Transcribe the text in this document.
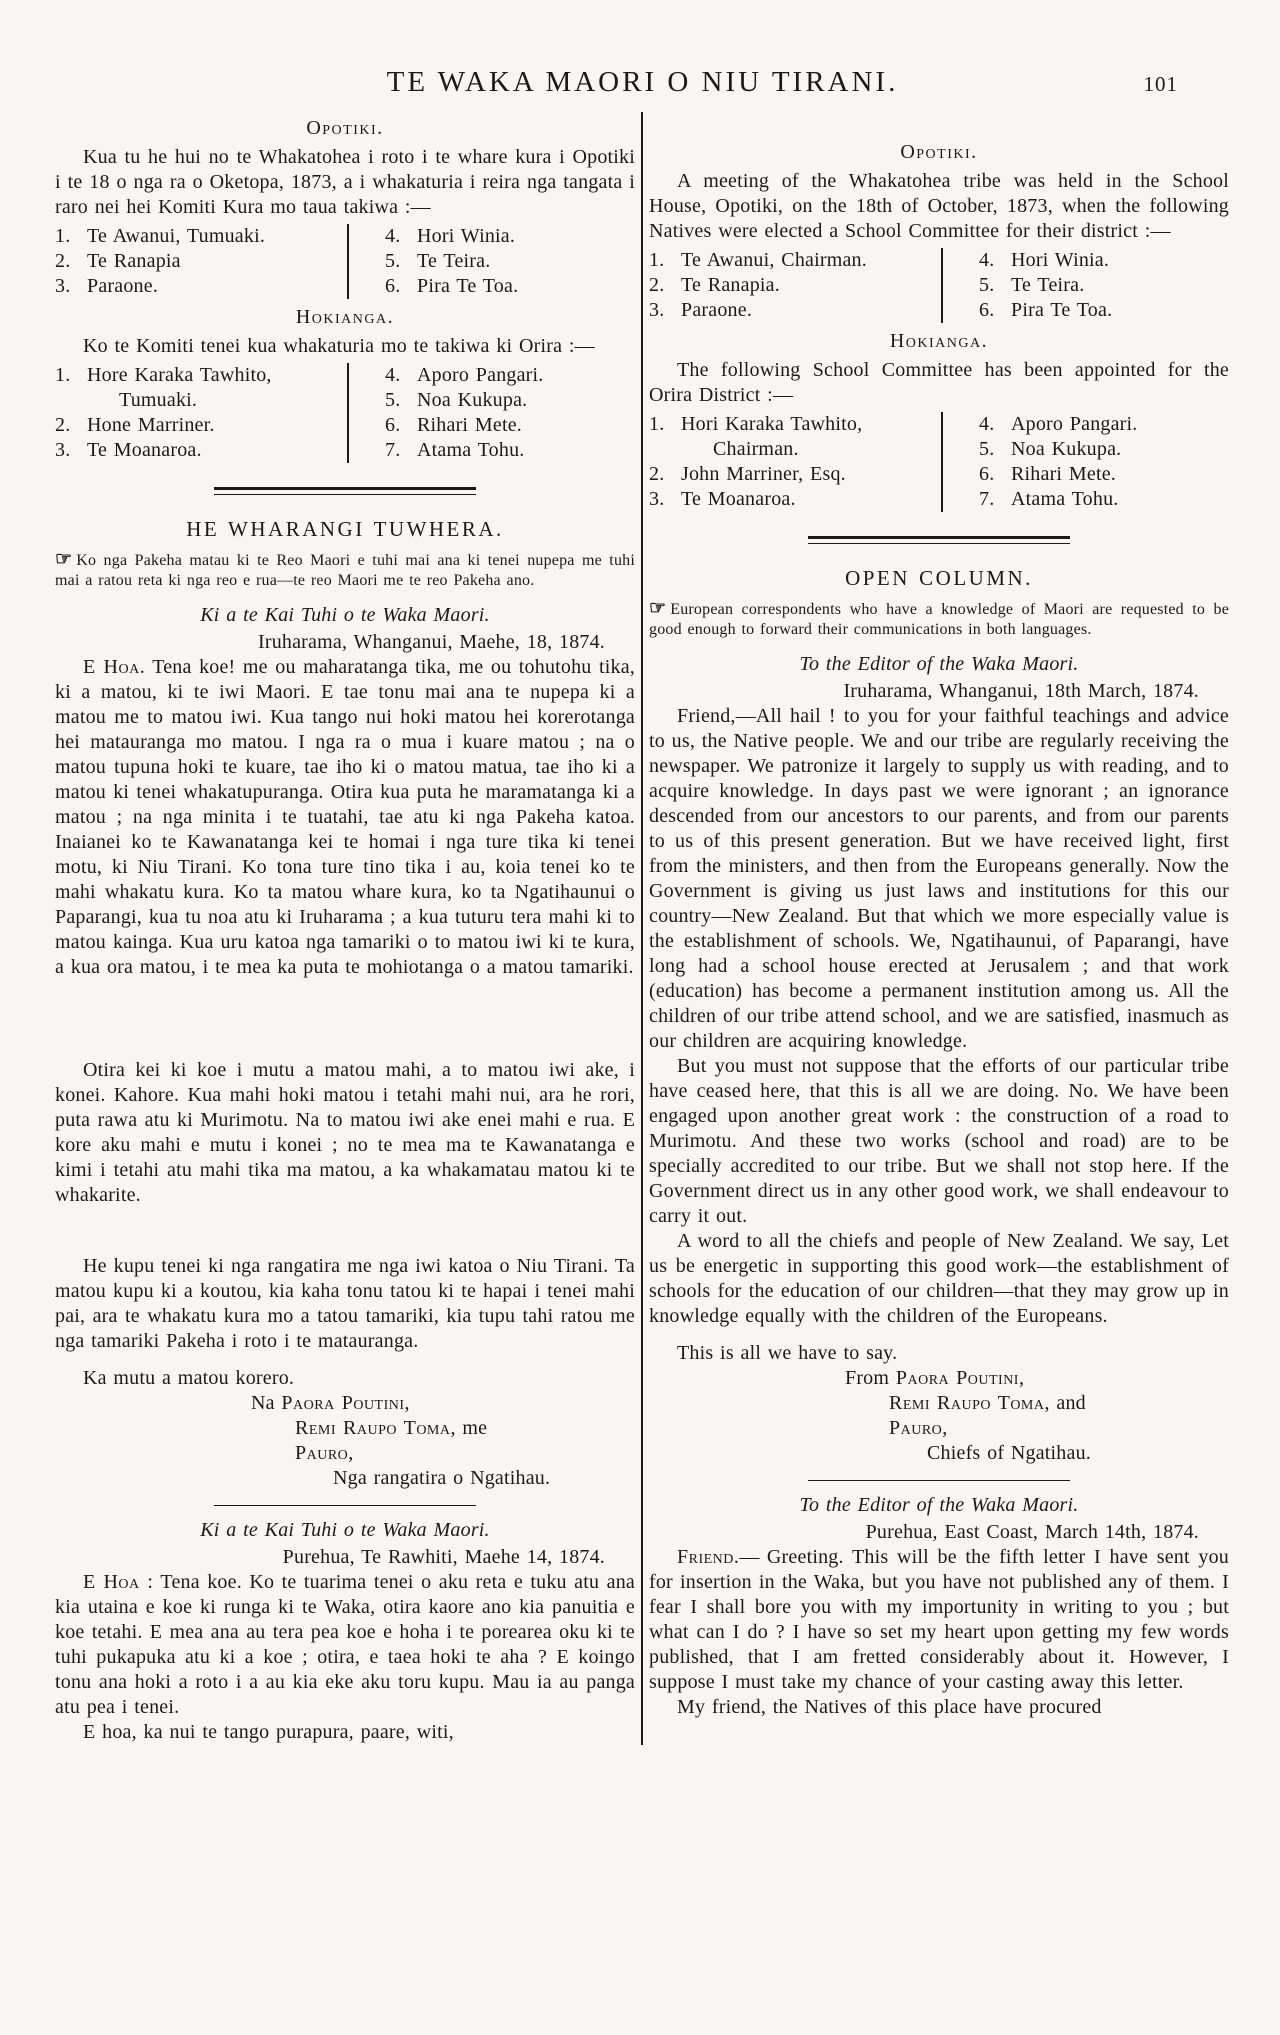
TE WAKA MAORI O NIU TIRANI.	101
Opotiki.

Kua tu he hui no te Whakatohea i roto i te whare kura i Opotiki i te 18 o nga ra o Oketopa, 1873, a i whakaturia i reira nga tangata i raro nei hei Komiti Kura mo taua takiwa :—

1. Te Awanui, Tumuaki.
2. Te Ranapia
3. Paraone.
4. Hori Winia.
5. Te Teira.
6. Pira Te Toa.
Hokianga.

Ko te Komiti tenei kua whakaturia mo te takiwa ki Orira :—

1. Hore Karaka Tawhito,
Tumuaki.
2. Hone Marriner.
3. Te Moanaroa.
4. Aporo Pangari.
5. Noa Kukupa.
6. Rihari Mete.
7. Atama Tohu.
HE WHARANGI TUWHERA.

☞ Ko nga Pakeha matau ki te Reo Maori e tuhi mai ana ki tenei nupepa me tuhi mai a ratou reta ki nga reo e rua—te reo Maori me te reo Pakeha ano.

Ki a te Kai Tuhi o te Waka Maori.
Iruharama, Whanganui, Maehe, 18, 1874.

E Hoa. Tena koe! me ou maharatanga tika, me ou tohutohu tika, ki a matou, ki te iwi Maori. E tae tonu mai ana te nupepa ki a matou me to matou iwi. Kua tango nui hoki matou hei korerotanga hei matauranga mo matou. I nga ra o mua i kuare matou ; na o matou tupuna hoki te kuare, tae iho ki o matou matua, tae iho ki a matou ki tenei whakatupuranga. Otira kua puta he maramatanga ki a matou ; na nga minita i te tuatahi, tae atu ki nga Pakeha katoa. Inaianei ko te Kawanatanga kei te homai i nga ture tika ki tenei motu, ki Niu Tirani. Ko tona ture tino tika i au, koia tenei ko te mahi whakatu kura. Ko ta matou whare kura, ko ta Ngatihaunui o Paparangi, kua tu noa atu ki Iruharama ; a kua tuturu tera mahi ki to matou kainga. Kua uru katoa nga tamariki o to matou iwi ki te kura, a kua ora matou, i te mea ka puta te mohiotanga o a matou tamariki.

Otira kei ki koe i mutu a matou mahi, a to matou iwi ake, i konei. Kahore. Kua mahi hoki matou i tetahi mahi nui, ara he rori, puta rawa atu ki Murimotu. Na to matou iwi ake enei mahi e rua. E kore aku mahi e mutu i konei ; no te mea ma te Kawanatanga e kimi i tetahi atu mahi tika ma matou, a ka whakamatau matou ki te whakarite.

He kupu tenei ki nga rangatira me nga iwi katoa o Niu Tirani. Ta matou kupu ki a koutou, kia kaha tonu tatou ki te hapai i tenei mahi pai, ara te whakatu kura mo a tatou tamariki, kia tupu tahi ratou me nga tamariki Pakeha i roto i te matauranga.

Ka mutu a matou korero.

Na Paora Poutini,
Remi Raupo Toma, me
Pauro,
Nga rangatira o Ngatihau.
Ki a te Kai Tuhi o te Waka Maori.
Purehua, Te Rawhiti, Maehe 14, 1874.

E Hoa : Tena koe. Ko te tuarima tenei o aku reta e tuku atu ana kia utaina e koe ki runga ki te Waka, otira kaore ano kia panuitia e koe tetahi. E mea ana au tera pea koe e hoha i te porearea oku ki te tuhi pukapuka atu ki a koe ; otira, e taea hoki te aha ? E koingo tonu ana hoki a roto i a au kia eke aku toru kupu. Mau ia au panga atu pea i tenei.

E hoa, ka nui te tango purapura, paare, witi,

Opotiki.

A meeting of the Whakatohea tribe was held in the School House, Opotiki, on the 18th of October, 1873, when the following Natives were elected a School Committee for their district :—

1. Te Awanui, Chairman.
2. Te Ranapia.
3. Paraone.
4. Hori Winia.
5. Te Teira.
6. Pira Te Toa.
Hokianga.

The following School Committee has been appointed for the Orira District :—

1. Hori Karaka Tawhito,
Chairman.
2. John Marriner, Esq.
3. Te Moanaroa.
4. Aporo Pangari.
5. Noa Kukupa.
6. Rihari Mete.
7. Atama Tohu.
OPEN COLUMN.

☞ European correspondents who have a knowledge of Maori are requested to be good enough to forward their communications in both languages.

To the Editor of the Waka Maori.
Iruharama, Whanganui, 18th March, 1874.

Friend,—All hail ! to you for your faithful teachings and advice to us, the Native people. We and our tribe are regularly receiving the newspaper. We patronize it largely to supply us with reading, and to acquire knowledge. In days past we were ignorant ; an ignorance descended from our ancestors to our parents, and from our parents to us of this present generation. But we have received light, first from the ministers, and then from the Europeans generally. Now the Government is giving us just laws and institutions for this our country—New Zealand. But that which we more especially value is the establishment of schools. We, Ngatihaunui, of Paparangi, have long had a school house erected at Jerusalem ; and that work (education) has become a permanent institution among us. All the children of our tribe attend school, and we are satisfied, inasmuch as our children are acquiring knowledge.

But you must not suppose that the efforts of our particular tribe have ceased here, that this is all we are doing. No. We have been engaged upon another great work : the construction of a road to Murimotu. And these two works (school and road) are to be specially accredited to our tribe. But we shall not stop here. If the Government direct us in any other good work, we shall endeavour to carry it out.

A word to all the chiefs and people of New Zealand. We say, Let us be energetic in supporting this good work—the establishment of schools for the education of our children—that they may grow up in knowledge equally with the children of the Europeans.

This is all we have to say.

From Paora Poutini,
Remi Raupo Toma, and
Pauro,
Chiefs of Ngatihau.
To the Editor of the Waka Maori.
Purehua, East Coast, March 14th, 1874.

Friend.— Greeting. This will be the fifth letter I have sent you for insertion in the Waka, but you have not published any of them. I fear I shall bore you with my importunity in writing to you ; but what can I do ? I have so set my heart upon getting my few words published, that I am fretted considerably about it. However, I suppose I must take my chance of your casting away this letter.

My friend, the Natives of this place have procured
